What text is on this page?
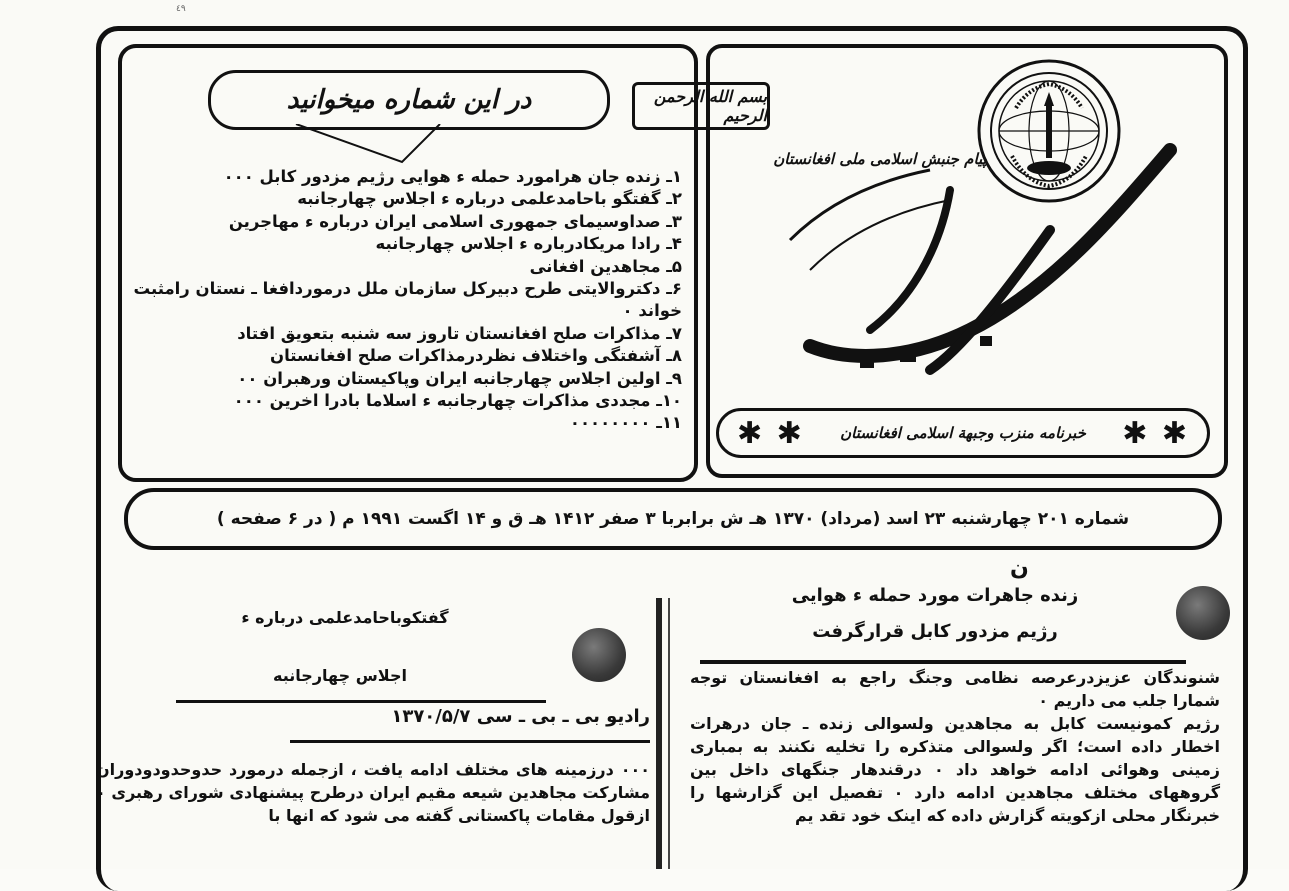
٤٩
در این شماره میخوانید	بسم الله الرحمن الرحیم
۱ـ زنده جان هرامورد حمله ء هوایی رژیم مزدور کابل ۰۰۰
۲ـ گفتگو باحامدعلمی درباره ء اجلاس چهارجانبه
۳ـ صداوسیمای جمهوری اسلامی ایران درباره ء مهاجرین
۴ـ رادا مریکادرباره ء اجلاس چهارجانبه
۵ـ مجاهدین افغانی
۶ـ دکتروالایتی طرح دبیرکل سازمان ملل درموردافغا ـ نستان رامثبت خواند ۰
۷ـ مذاکرات صلح افغانستان تاروز سه شنبه بتعویق افتاد
۸ـ آشفتگی واختلاف نظردرمذاکرات صلح افغانستان
۹ـ اولین اجلاس چهارجانبه ایران وپاکیستان ورهبران ۰۰
۱۰ـ مجددی مذاکرات چهارجانبه ء اسلاما بادرا اخرین ۰۰۰
۱۱ـ ۰۰۰۰۰۰۰۰
پیام جنبش اسلامی ملی افغانستان
✱ ✱
خبرنامه منزب وجبهة اسلامی افغانستان
✱ ✱
شماره ۲۰۱ چهارشنبه ۲۳ اسد (مرداد) ۱۳۷۰ هـ ش برابربا ۳ صفر ۱۴۱۲ هـ ق و ۱۴ اگست ۱۹۹۱ م ( در ۶ صفحه )
ن
زنده جاهرات مورد حمله ء هوایی
رژیم مزدور کابل قرارگرفت

شنوندگان عزیزدرعرصه نظامی وجنگ راجع به افغانستان توجه شمارا جلب می داریم ۰

رژیم کمونیست کابل به مجاهدین ولسوالی زنده ـ جان درهرات اخطار داده است؛ اگر ولسوالی متذکره را تخلیه نکنند به بمباری زمینی وهوائی ادامه خواهد داد ۰ درقندهار جنگهای داخل بین گروههای مختلف مجاهدین ادامه دارد ۰ تفصیل این گزارشها را خبرنگار محلی ازکویته گزارش داده که اینک خود تقد یم

گفتکوباحامدعلمی درباره ء
اجلاس چهارجانبه
رادیو بی ـ بی ـ سی ۱۳۷۰/۵/۷

۰۰۰ درزمینه های مختلف ادامه یافت ، ازجمله درمورد حدوحدودودوران مشارکت مجاهدین شیعه مقیم ایران درطرح پیشنهادی شورای رهبری ۰ ازقول مقامات پاکستانی گفته می شود که انها با
